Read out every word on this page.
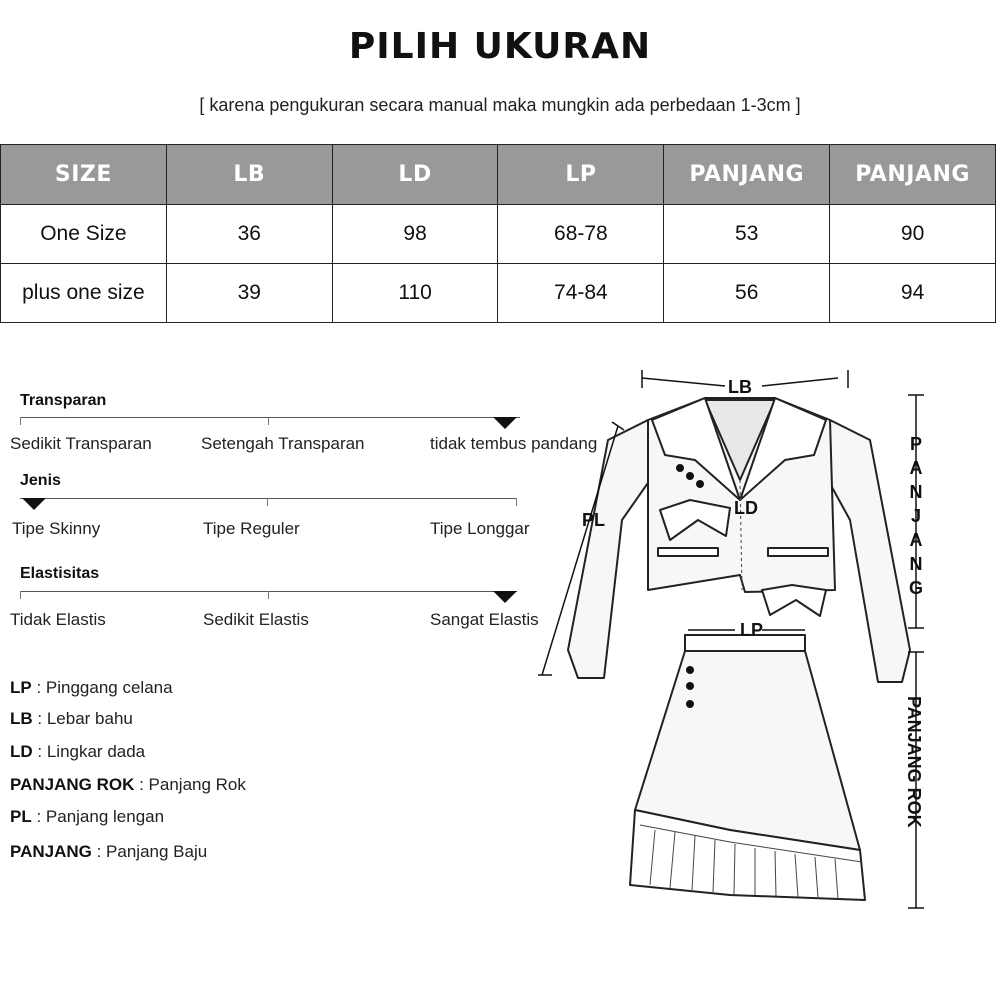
PILIH UKURAN
[ karena pengukuran secara manual maka mungkin ada perbedaan 1-3cm ]
SIZE	LB	LD	LP	PANJANG	PANJANG
One Size	36	98	68-78	53	90
plus one size	39	110	74-84	56	94
Transparan
Sedikit Transparan	Setengah Transparan	tidak tembus pandang
Jenis
Tipe Skinny	Tipe Reguler	Tipe Longgar
Elastisitas
Tidak Elastis	Sedikit Elastis	Sangat Elastis
LP : Pinggang celana
LB : Lebar bahu
LD : Lingkar dada
PANJANG ROK : Panjang Rok
PL : Panjang lengan
PANJANG : Panjang Baju
LB
LD
PL
LP
PANJANG
PANJANG ROK
